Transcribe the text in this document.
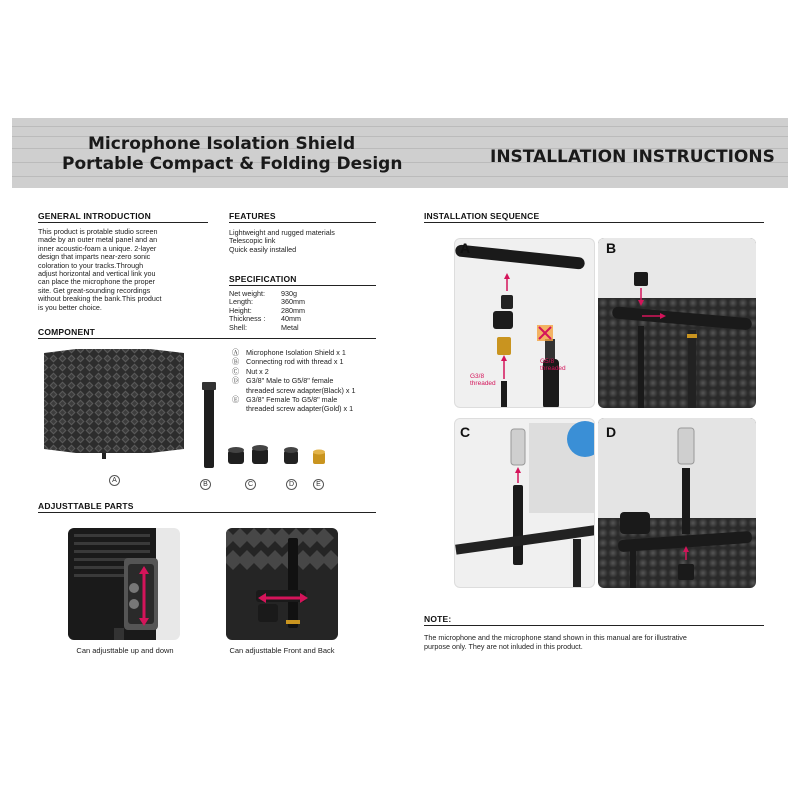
Microphone Isolation Shield
Portable Compact & Folding Design	INSTALLATION INSTRUCTIONS
GENERAL INTRODUCTION
This product is protable studio screen
made by an outer metal panel and an
inner acoustic-foam a unique. 2-layer
design that imparts near-zero sonic
coloration to your tracks.Through
adjust horizontal and vertical link you
can place the microphone the proper
site. Get great-sounding recordings
without breaking the bank.This product
is you better choice.
FEATURES
Lightweight and rugged materials
Telescopic link
Quick easily installed
SPECIFICATION
Net weight:	930g
Length:	360mm
Height:	280mm
Thickness :	40mm
Shell:	Metal
COMPONENT
A
B	C	D	E
Ⓐ Microphone Isolation Shield x 1
Ⓑ Connecting rod with thread x 1
Ⓒ Nut x 2
Ⓓ G3/8" Male to G5/8" female
threaded screw adapter(Black) x 1
Ⓔ G3/8" Female To G5/8" male
threaded screw adapter(Gold) x 1
ADJUSTTABLE PARTS
Can adjusttable up and down	Can adjusttable Front and Back
INSTALLATION SEQUENCE
A
G5/8
threaded
G3/8
threaded
B
C	D
NOTE:
The microphone and the microphone stand shown in this manual are for illustrative
purpose only. They are not inluded in this product.
